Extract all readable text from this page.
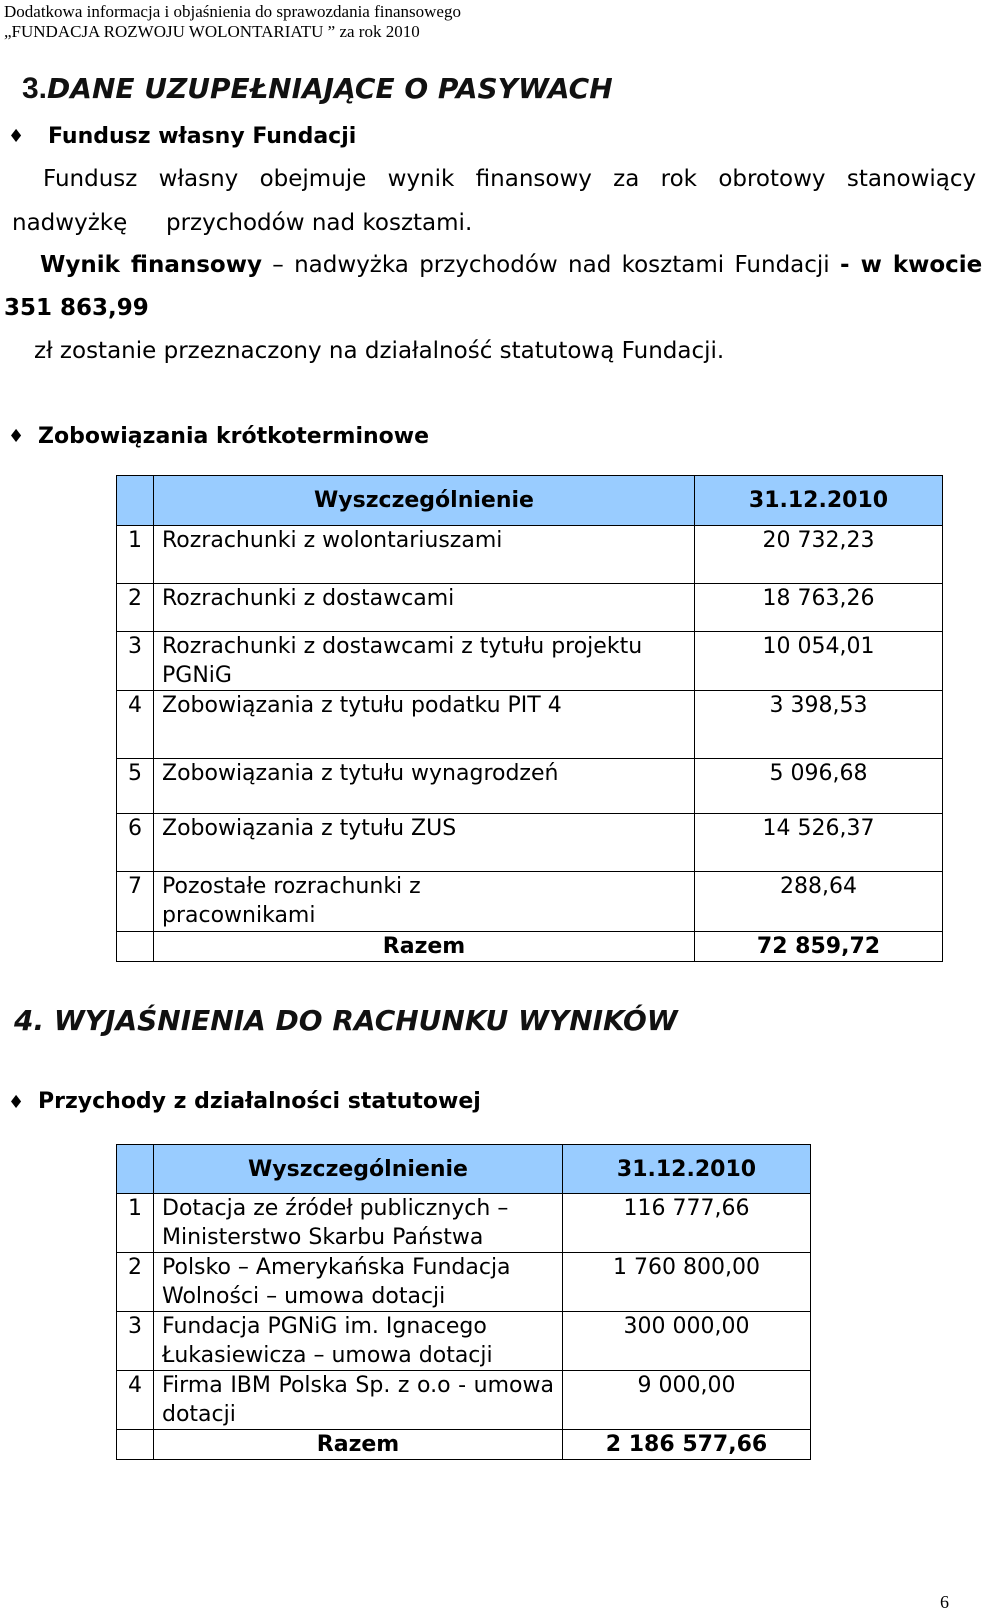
Dodatkowa informacja i objaśnienia do sprawozdania finansowego
„FUNDACJA ROZWOJU WOLONTARIATU ” za rok 2010
3.DANE UZUPEŁNIAJĄCE O PASYWACH
♦ Fundusz własny Fundacji
Fundusz własny obejmuje wynik finansowy za rok obrotowy stanowiący
nadwyżkę przychodów nad kosztami.
Wynik finansowy – nadwyżka przychodów nad kosztami Fundacji - w kwocie
351 863,99
zł zostanie przeznaczony na działalność statutową Fundacji.
♦ Zobowiązania krótkoterminowe
	Wyszczególnienie	31.12.2010
1	Rozrachunki z wolontariuszami	20 732,23
2	Rozrachunki z dostawcami	18 763,26
3	Rozrachunki z dostawcami z tytułu projektu PGNiG	10 054,01
4	Zobowiązania z tytułu podatku PIT 4	3 398,53
5	Zobowiązania z tytułu wynagrodzeń	5 096,68
6	Zobowiązania z tytułu ZUS	14 526,37
7	Pozostałe rozrachunki z pracownikami	288,64
	Razem	72 859,72
4. WYJAŚNIENIA DO RACHUNKU WYNIKÓW
♦ Przychody z działalności statutowej
	Wyszczególnienie	31.12.2010
1	Dotacja ze źródeł publicznych – Ministerstwo Skarbu Państwa	116 777,66
2	Polsko – Amerykańska Fundacja Wolności – umowa dotacji	1 760 800,00
3	Fundacja PGNiG im. Ignacego Łukasiewicza – umowa dotacji	300 000,00
4	Firma IBM Polska Sp. z o.o - umowa dotacji	9 000,00
	Razem	2 186 577,66
6
